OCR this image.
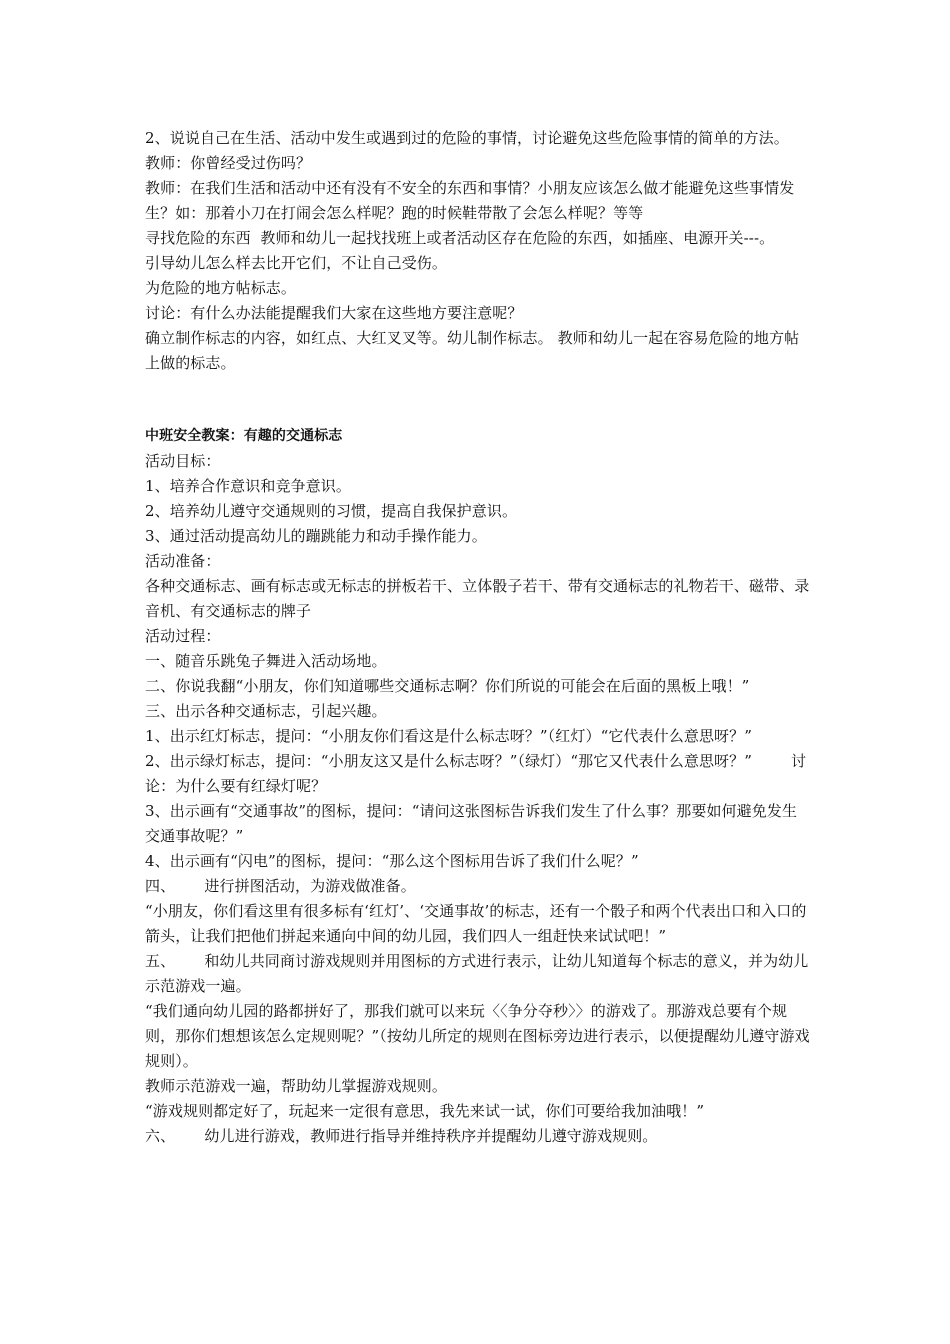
2、说说自己在生活、活动中发生或遇到过的危险的事情，讨论避免这些危险事情的简单的方法。  教师：你曾经受过伤吗？

教师：在我们生活和活动中还有没有不安全的东西和事情？小朋友应该怎么做才能避免这些事情发生？如：那着小刀在打闹会怎么样呢？跑的时候鞋带散了会怎么样呢？等等

寻找危险的东西  教师和幼儿一起找找班上或者活动区存在危险的东西，如插座、电源开关---。

引导幼儿怎么样去比开它们，不让自己受伤。

为危险的地方帖标志。

讨论：有什么办法能提醒我们大家在这些地方要注意呢？

确立制作标志的内容，如红点、大红叉叉等。幼儿制作标志。 教师和幼儿一起在容易危险的地方帖上做的标志。

中班安全教案：有趣的交通标志

活动目标：

1、培养合作意识和竞争意识。

2、培养幼儿遵守交通规则的习惯，提高自我保护意识。

3、通过活动提高幼儿的蹦跳能力和动手操作能力。

活动准备：

各种交通标志、画有标志或无标志的拼板若干、立体骰子若干、带有交通标志的礼物若干、磁带、录音机、有交通标志的牌子

活动过程：

一、随音乐跳兔子舞进入活动场地。

二、你说我翻“小朋友，你们知道哪些交通标志啊？你们所说的可能会在后面的黑板上哦！”

三、出示各种交通标志，引起兴趣。

1、出示红灯标志，提问：“小朋友你们看这是什么标志呀？”（红灯）“它代表什么意思呀？”

2、出示绿灯标志，提问：“小朋友这又是什么标志呀？”（绿灯）“那它又代表什么意思呀？”        讨论：为什么要有红绿灯呢？

3、出示画有“交通事故”的图标，提问：“请问这张图标告诉我们发生了什么事？那要如何避免发生交通事故呢？”

4、出示画有“闪电”的图标，提问：“那么这个图标用告诉了我们什么呢？”

四、      进行拼图活动，为游戏做准备。

“小朋友，你们看这里有很多标有‘红灯’、‘交通事故’的标志，还有一个骰子和两个代表出口和入口的箭头，让我们把他们拼起来通向中间的幼儿园，我们四人一组赶快来试试吧！”

五、      和幼儿共同商讨游戏规则并用图标的方式进行表示，让幼儿知道每个标志的意义，并为幼儿示范游戏一遍。

“我们通向幼儿园的路都拼好了，那我们就可以来玩〈〈争分夺秒〉〉的游戏了。那游戏总要有个规则，那你们想想该怎么定规则呢？”（按幼儿所定的规则在图标旁边进行表示，以便提醒幼儿遵守游戏规则）。

教师示范游戏一遍，帮助幼儿掌握游戏规则。

“游戏规则都定好了，玩起来一定很有意思，我先来试一试，你们可要给我加油哦！”

六、      幼儿进行游戏，教师进行指导并维持秩序并提醒幼儿遵守游戏规则。
